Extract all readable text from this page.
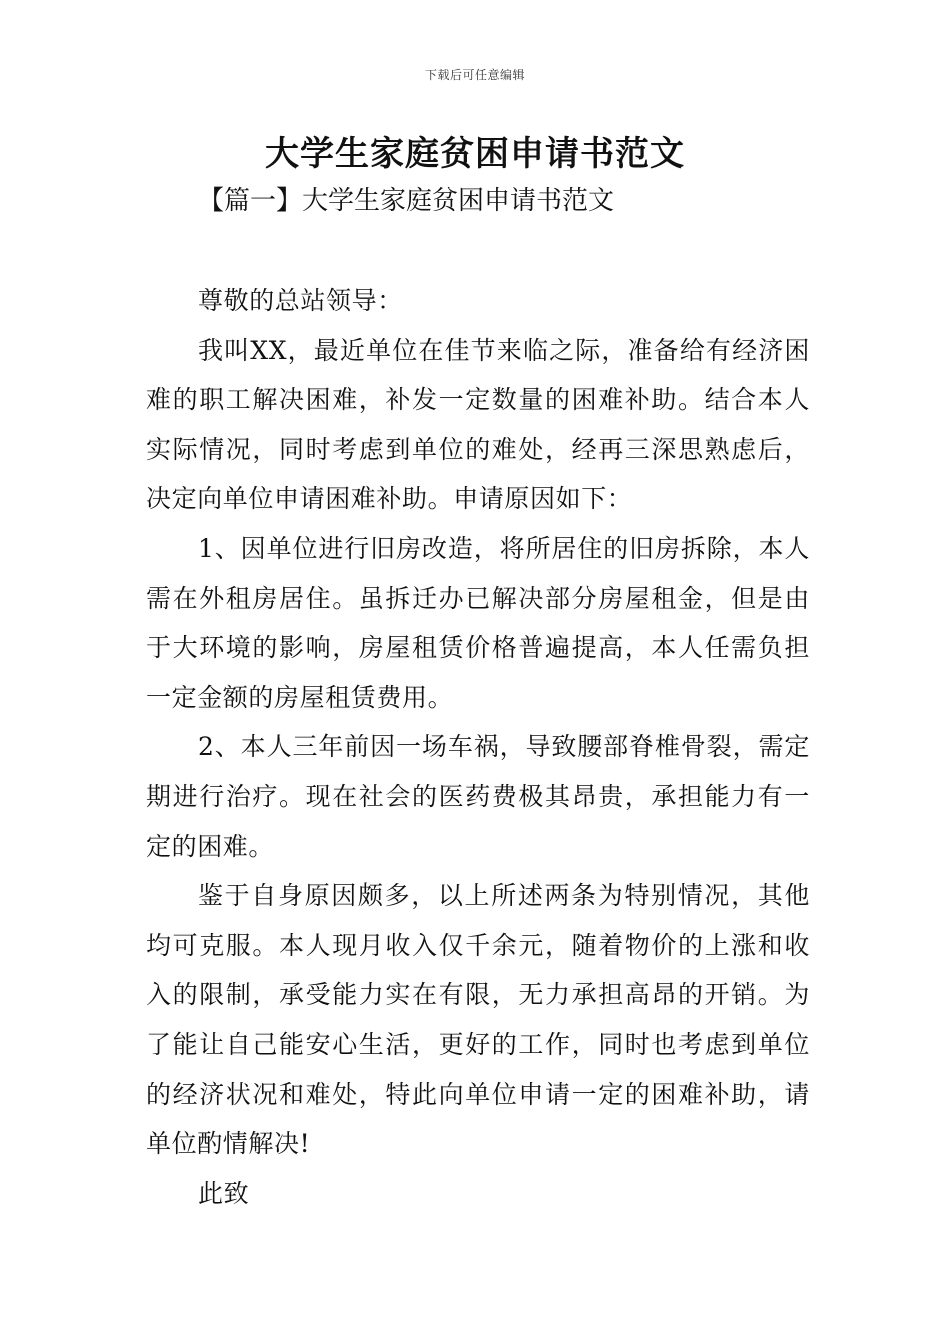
下载后可任意编辑
大学生家庭贫困申请书范文
【篇一】大学生家庭贫困申请书范文

尊敬的总站领导：

我叫XX，最近单位在佳节来临之际，准备给有经济困难的职工解决困难，补发一定数量的困难补助。结合本人实际情况，同时考虑到单位的难处，经再三深思熟虑后，决定向单位申请困难补助。申请原因如下：

1、因单位进行旧房改造，将所居住的旧房拆除，本人需在外租房居住。虽拆迁办已解决部分房屋租金，但是由于大环境的影响，房屋租赁价格普遍提高，本人任需负担一定金额的房屋租赁费用。

2、本人三年前因一场车祸，导致腰部脊椎骨裂，需定期进行治疗。现在社会的医药费极其昂贵，承担能力有一定的困难。

鉴于自身原因颇多，以上所述两条为特别情况，其他均可克服。本人现月收入仅千余元，随着物价的上涨和收入的限制，承受能力实在有限，无力承担高昂的开销。为了能让自己能安心生活，更好的工作，同时也考虑到单位的经济状况和难处，特此向单位申请一定的困难补助，请单位酌情解决!

此致
